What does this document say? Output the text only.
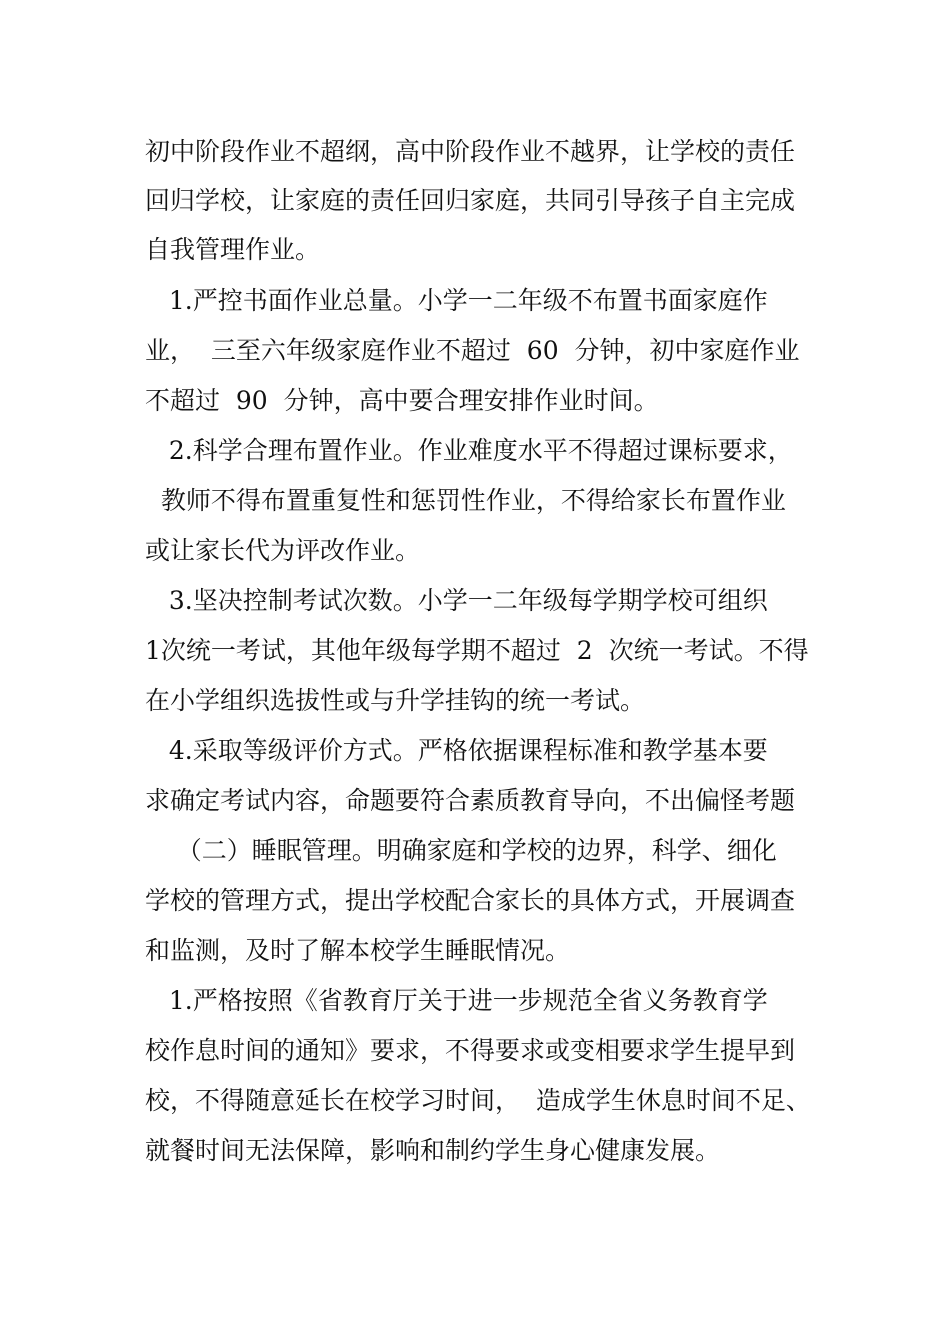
初中阶段作业不超纲，高中阶段作业不越界，让学校的责任
回归学校，让家庭的责任回归家庭，共同引导孩子自主完成
自我管理作业。
1.严控书面作业总量。小学一二年级不布置书面家庭作
业，  三至六年级家庭作业不超过  60  分钟，初中家庭作业
不超过  90  分钟，高中要合理安排作业时间。
2.科学合理布置作业。作业难度水平不得超过课标要求，
教师不得布置重复性和惩罚性作业，不得给家长布置作业
或让家长代为评改作业。
3.坚决控制考试次数。小学一二年级每学期学校可组织
1次统一考试，其他年级每学期不超过  2  次统一考试。不得
在小学组织选拔性或与升学挂钩的统一考试。
4.采取等级评价方式。严格依据课程标准和教学基本要
求确定考试内容，命题要符合素质教育导向，不出偏怪考题
（二）睡眠管理。明确家庭和学校的边界，科学、细化
学校的管理方式，提出学校配合家长的具体方式，开展调查
和监测，及时了解本校学生睡眠情况。
1.严格按照《省教育厅关于进一步规范全省义务教育学
校作息时间的通知》要求，不得要求或变相要求学生提早到
校，不得随意延长在校学习时间，  造成学生休息时间不足、
就餐时间无法保障，影响和制约学生身心健康发展。
